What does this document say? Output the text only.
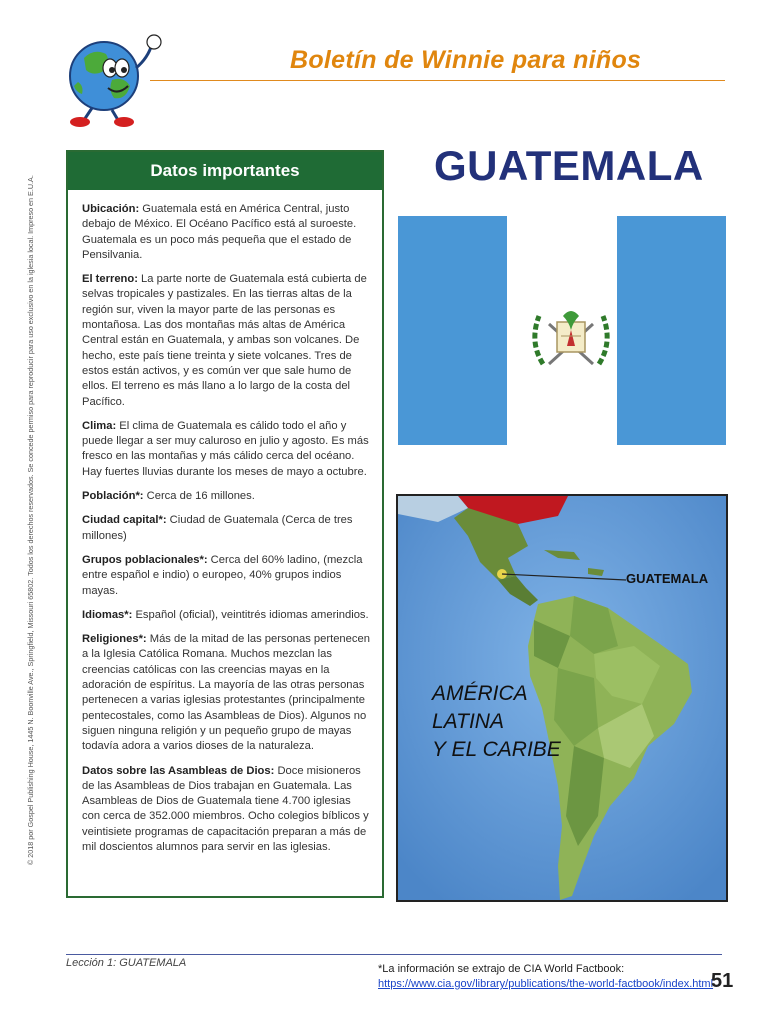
Boletín de Winnie para niños
© 2018 por Gospel Publishing House, 1445 N. Boonville Ave., Springfield, Missouri 65802. Todos los derechos reservados. Se concede permiso para reproducir para uso exclusivo en la iglesia local. Impreso en E.U.A.
Datos importantes

Ubicación: Guatemala está en América Central, justo debajo de México. El Océano Pacífico está al suroeste. Guatemala es un poco más pequeña que el estado de Pensilvania.

El terreno: La parte norte de Guatemala está cubierta de selvas tropicales y pastizales. En las tierras altas de la región sur, viven la mayor parte de las personas es montañosa. Las dos montañas más altas de América Central están en Guatemala, y ambas son volcanes. De hecho, este país tiene treinta y siete volcanes. Tres de estos están activos, y es común ver que sale humo de ellos. El terreno es más llano a lo largo de la costa del Pacífico.

Clima: El clima de Guatemala es cálido todo el año y puede llegar a ser muy caluroso en julio y agosto. Es más fresco en las montañas y más cálido cerca del océano. Hay fuertes lluvias durante los meses de mayo a octubre.

Población*: Cerca de 16 millones.

Ciudad capital*: Ciudad de Guatemala (Cerca de tres millones)

Grupos poblacionales*: Cerca del 60% ladino, (mezcla entre español e indio) o europeo, 40% grupos indios mayas.

Idiomas*: Español (oficial), veintitrés idiomas amerindios.

Religiones*: Más de la mitad de las personas pertenecen a la Iglesia Católica Romana. Muchos mezclan las creencias católicas con las creencias mayas en la adoración de espíritus. La mayoría de las otras personas pertenecen a varias iglesias protestantes (principalmente pentecostales, como las Asambleas de Dios). Algunos no siguen ninguna religión y un pequeño grupo de mayas todavía adora a varios dioses de la naturaleza.

Datos sobre las Asambleas de Dios: Doce misioneros de las Asambleas de Dios trabajan en Guatemala. Las Asambleas de Dios de Guatemala tiene 4.700 iglesias con cerca de 352.000 miembros. Ocho colegios bíblicos y veintisiete programas de capacitación preparan a más de mil doscientos alumnos para servir en las iglesias.

GUATEMALA
GUATEMALA
AMÉRICA
LATINA
Y EL CARIBE
Lección 1: GUATEMALA	*La información se extrajo de CIA World Factbook:
https://www.cia.gov/library/publications/the-world-factbook/index.html
51
